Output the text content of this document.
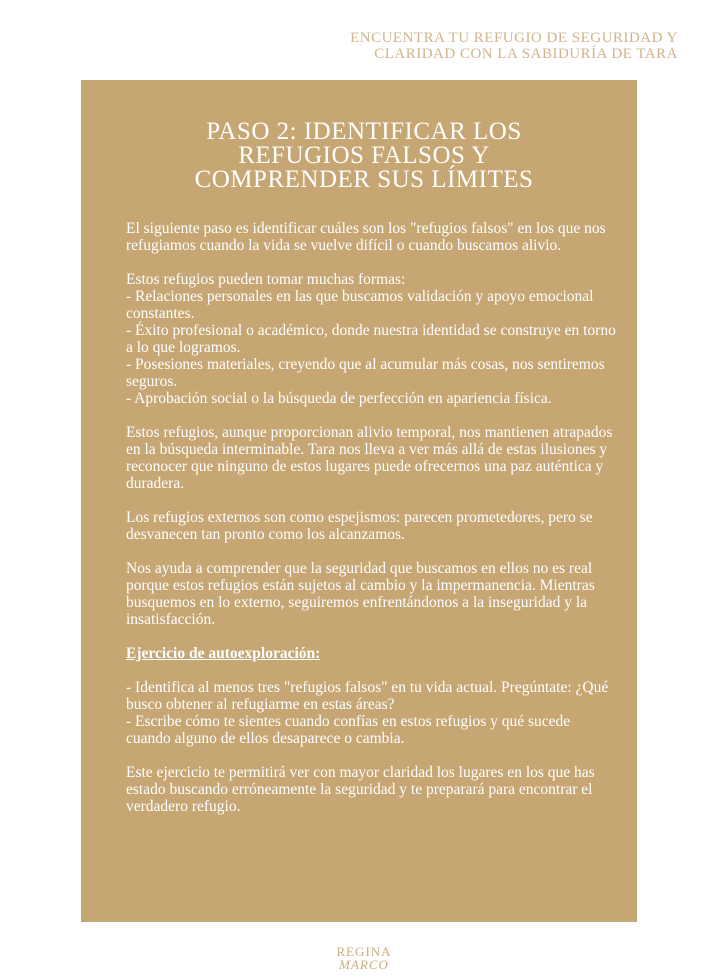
ENCUENTRA TU REFUGIO DE SEGURIDAD Y
CLARIDAD CON LA SABIDURÍA DE TARA
PASO 2: IDENTIFICAR LOS
REFUGIOS FALSOS Y
COMPRENDER SUS LÍMITES

El siguiente paso es identificar cuáles son los "refugios falsos" en los que nos refugiamos cuando la vida se vuelve difícil o cuando buscamos alivio.

Estos refugios pueden tomar muchas formas:
- Relaciones personales en las que buscamos validación y apoyo emocional constantes.
- Éxito profesional o académico, donde nuestra identidad se construye en torno a lo que logramos.
- Posesiones materiales, creyendo que al acumular más cosas, nos sentiremos seguros.
- Aprobación social o la búsqueda de perfección en apariencia física.

Estos refugios, aunque proporcionan alivio temporal, nos mantienen atrapados en la búsqueda interminable. Tara nos lleva a ver más allá de estas ilusiones y reconocer que ninguno de estos lugares puede ofrecernos una paz auténtica y duradera.

Los refugios externos son como espejismos: parecen prometedores, pero se desvanecen tan pronto como los alcanzamos.

Nos ayuda a comprender que la seguridad que buscamos en ellos no es real porque estos refugios están sujetos al cambio y la impermanencia. Mientras busquemos en lo externo, seguiremos enfrentándonos a la inseguridad y la insatisfacción.

Ejercicio de autoexploración:

- Identifica al menos tres "refugios falsos" en tu vida actual. Pregúntate: ¿Qué busco obtener al refugiarme en estas áreas?
- Escribe cómo te sientes cuando confías en estos refugios y qué sucede cuando alguno de ellos desaparece o cambia.

Este ejercicio te permitirá ver con mayor claridad los lugares en los que has estado buscando erróneamente la seguridad y te preparará para encontrar el verdadero refugio.

REGINA
MARCO
